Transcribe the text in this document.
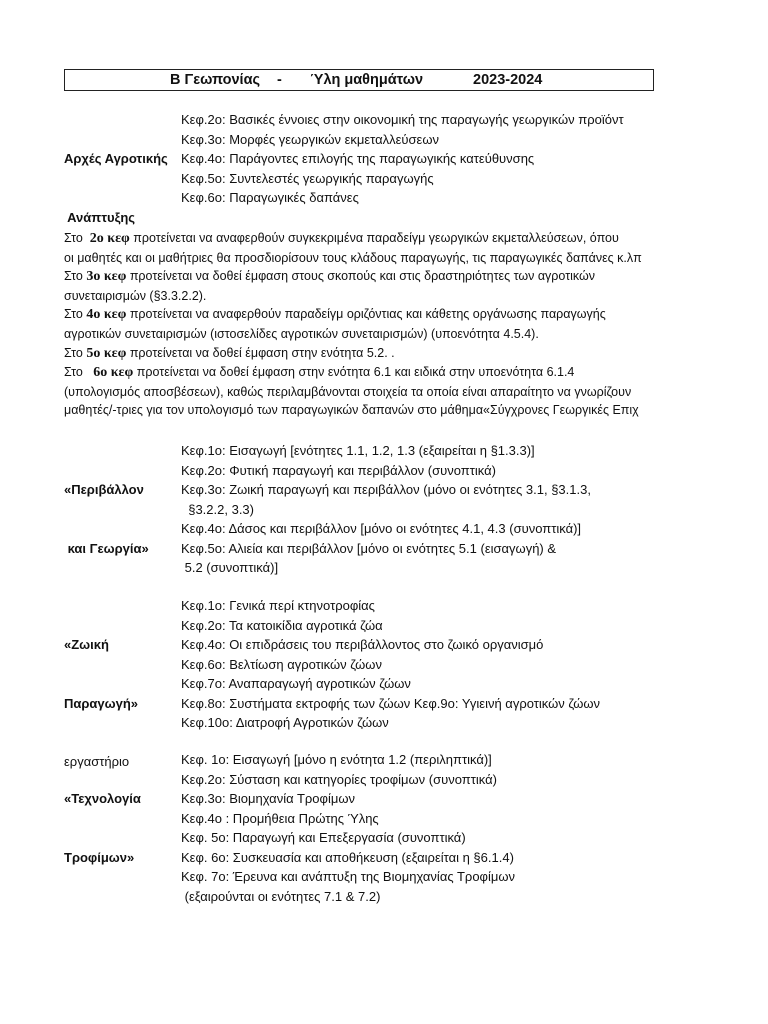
Β Γεωπονίας - Ύλη μαθημάτων	2023-2024

Αρχές Αγροτικής

Ανάπτυξης

Κεφ.2ο: Βασικές έννοιες στην οικονομική της παραγωγής γεωργικών προϊόντ
Κεφ.3ο: Μορφές γεωργικών εκμεταλλεύσεων
Κεφ.4ο: Παράγοντες επιλογής της παραγωγικής κατεύθυνσης
Κεφ.5ο: Συντελεστές γεωργικής παραγωγής
Κεφ.6ο: Παραγωγικές δαπάνες
Στο 2ο κεφ προτείνεται να αναφερθούν συγκεκριμένα παραδείγμ γεωργικών εκμεταλλεύσεων, όπου
οι μαθητές και οι μαθήτριες θα προσδιορίσουν τους κλάδους παραγωγής, τις παραγωγικές δαπάνες κ.λπ
Στο 3ο κεφ προτείνεται να δοθεί έμφαση στους σκοπούς και στις δραστηριότητες των αγροτικών
συνεταιρισμών (§3.3.2.2).
Στο 4ο κεφ προτείνεται να αναφερθούν παραδείγμ οριζόντιας και κάθετης οργάνωσης παραγωγής
αγροτικών συνεταιρισμών (ιστοσελίδες αγροτικών συνεταιρισμών) (υποενότητα 4.5.4).
Στο 5ο κεφ προτείνεται να δοθεί έμφαση στην ενότητα 5.2. .
Στο 6ο κεφ προτείνεται να δοθεί έμφαση στην ενότητα 6.1 και ειδικά στην υποενότητα 6.1.4
(υπολογισμός αποσβέσεων), καθώς περιλαμβάνονται στοιχεία τα οποία είναι απαραίτητο να γνωρίζουν
μαθητές/-τριες για τον υπολογισμό των παραγωγικών δαπανών στο μάθημα«Σύγχρονες Γεωργικές Επιχ

«Περιβάλλον

και Γεωργία»

Κεφ.1ο: Εισαγωγή [ενότητες 1.1, 1.2, 1.3 (εξαιρείται η §1.3.3)]
Κεφ.2ο: Φυτική παραγωγή και περιβάλλον (συνοπτικά)
Κεφ.3ο: Ζωική παραγωγή και περιβάλλον (μόνο οι ενότητες 3.1, §3.1.3,
§3.2.2, 3.3)
Κεφ.4ο: Δάσος και περιβάλλον [μόνο οι ενότητες 4.1, 4.3 (συνοπτικά)]
Κεφ.5ο: Αλιεία και περιβάλλον [μόνο οι ενότητες 5.1 (εισαγωγή) &
5.2 (συνοπτικά)]

«Ζωική

Παραγωγή»

εργαστήριο

Κεφ.1ο: Γενικά περί κτηνοτροφίας
Κεφ.2ο: Τα κατοικίδια αγροτικά ζώα
Κεφ.4ο: Οι επιδράσεις του περιβάλλοντος στο ζωικό οργανισμό
Κεφ.6ο: Βελτίωση αγροτικών ζώων
Κεφ.7ο: Αναπαραγωγή αγροτικών ζώων
Κεφ.8ο: Συστήματα εκτροφής των ζώων Κεφ.9ο: Υγιεινή αγροτικών ζώων
Κεφ.10ο: Διατροφή Αγροτικών ζώων

«Τεχνολογία

Τροφίμων»

Κεφ. 1ο: Εισαγωγή [μόνο η ενότητα 1.2 (περιληπτικά)]
Κεφ.2ο: Σύσταση και κατηγορίες τροφίμων (συνοπτικά)
Κεφ.3ο: Βιομηχανία Τροφίμων
Κεφ.4ο : Προμήθεια Πρώτης Ύλης
Κεφ. 5ο: Παραγωγή και Επεξεργασία (συνοπτικά)
Κεφ. 6ο: Συσκευασία και αποθήκευση (εξαιρείται η §6.1.4)
Κεφ. 7ο: Έρευνα και ανάπτυξη της Βιομηχανίας Τροφίμων
(εξαιρούνται οι ενότητες 7.1 & 7.2)
